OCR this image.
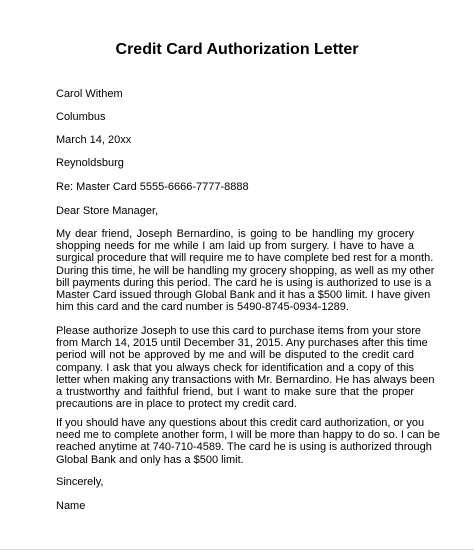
Credit Card Authorization Letter
Carol Withem
Columbus
March 14, 20xx
Reynoldsburg
Re: Master Card 5555-6666-7777-8888
Dear Store Manager,
My dear friend, Joseph Bernardino, is going to be handling my grocery
shopping needs for me while I am laid up from surgery. I have to have a
surgical procedure that will require me to have complete bed rest for a month.
During this time, he will be handling my grocery shopping, as well as my other
bill payments during this period. The card he is using is authorized to use is a
Master Card issued through Global Bank and it has a $500 limit. I have given
him this card and the card number is 5490-8745-0934-1289.
Please authorize Joseph to use this card to purchase items from your store
from March 14, 2015 until December 31, 2015. Any purchases after this time
period will not be approved by me and will be disputed to the credit card
company. I ask that you always check for identification and a copy of this
letter when making any transactions with Mr. Bernardino. He has always been
a trustworthy and faithful friend, but I want to make sure that the proper
precautions are in place to protect my credit card.
If you should have any questions about this credit card authorization, or you
need me to complete another form, I will be more than happy to do so. I can be
reached anytime at 740-710-4589. The card he is using is authorized through
Global Bank and only has a $500 limit.
Sincerely,
Name
